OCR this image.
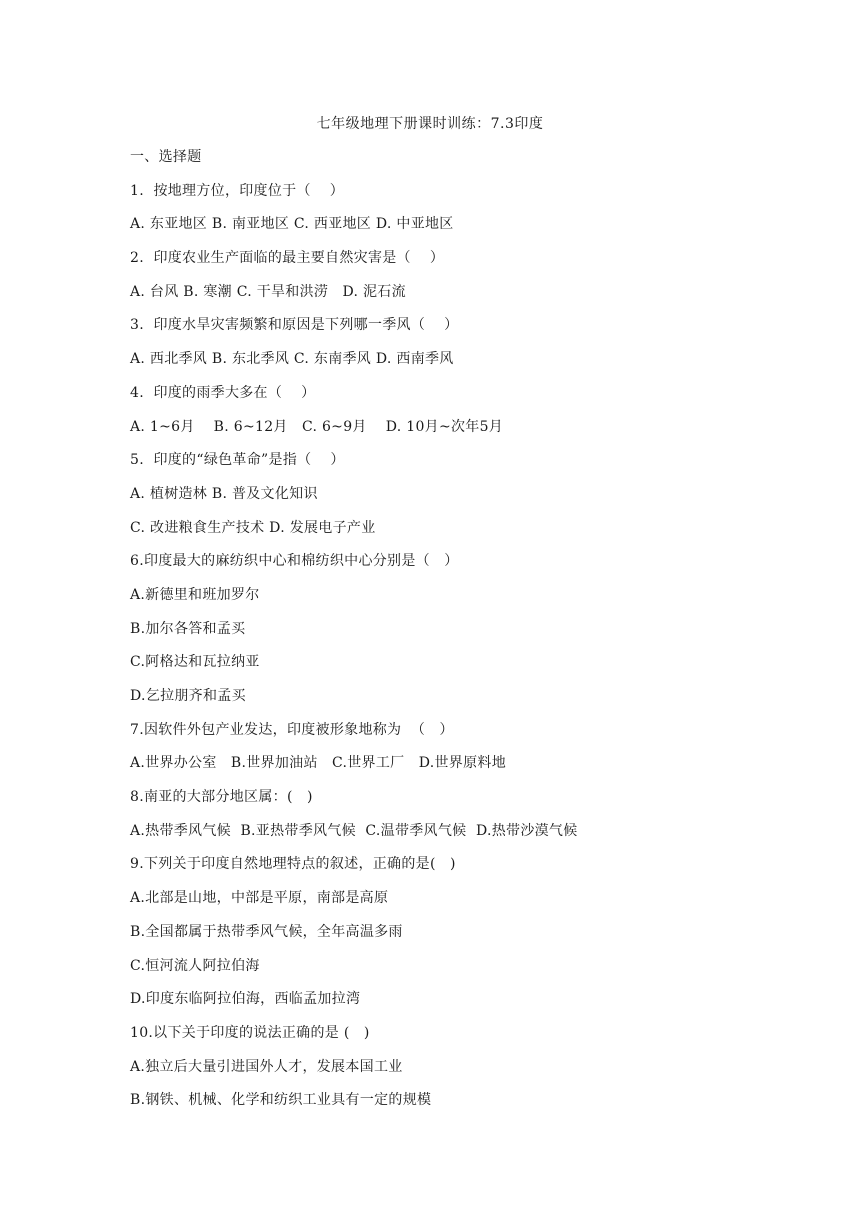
七年级地理下册课时训练：7.3印度
一、选择题
1.  按地理方位，印度位于（    ）
A. 东亚地区 B. 南亚地区 C. 西亚地区 D. 中亚地区
2.  印度农业生产面临的最主要自然灾害是（    ）
A. 台风 B. 寒潮 C. 干旱和洪涝   D. 泥石流
3.  印度水旱灾害频繁和原因是下列哪一季风（    ）
A. 西北季风 B. 东北季风 C. 东南季风 D. 西南季风
4.  印度的雨季大多在（    ）
A. 1~6月    B. 6~12月   C. 6~9月    D. 10月~次年5月
5.  印度的“绿色革命”是指（    ）
A. 植树造林 B. 普及文化知识
C. 改进粮食生产技术 D. 发展电子产业
6.印度最大的麻纺织中心和棉纺织中心分别是（   ）
A.新德里和班加罗尔
B.加尔各答和孟买
C.阿格达和瓦拉纳亚
D.乞拉朋齐和孟买
7.因软件外包产业发达，印度被形象地称为  （   ）
A.世界办公室   B.世界加油站   C.世界工厂   D.世界原料地
8.南亚的大部分地区属：(   )
A.热带季风气候  B.亚热带季风气候  C.温带季风气候  D.热带沙漠气候
9.下列关于印度自然地理特点的叙述，正确的是(   )
A.北部是山地，中部是平原，南部是高原
B.全国都属于热带季风气候，全年高温多雨
C.恒河流人阿拉伯海
D.印度东临阿拉伯海，西临孟加拉湾
10.以下关于印度的说法正确的是 (   )
A.独立后大量引进国外人才，发展本国工业
B.钢铁、机械、化学和纺织工业具有一定的规模
